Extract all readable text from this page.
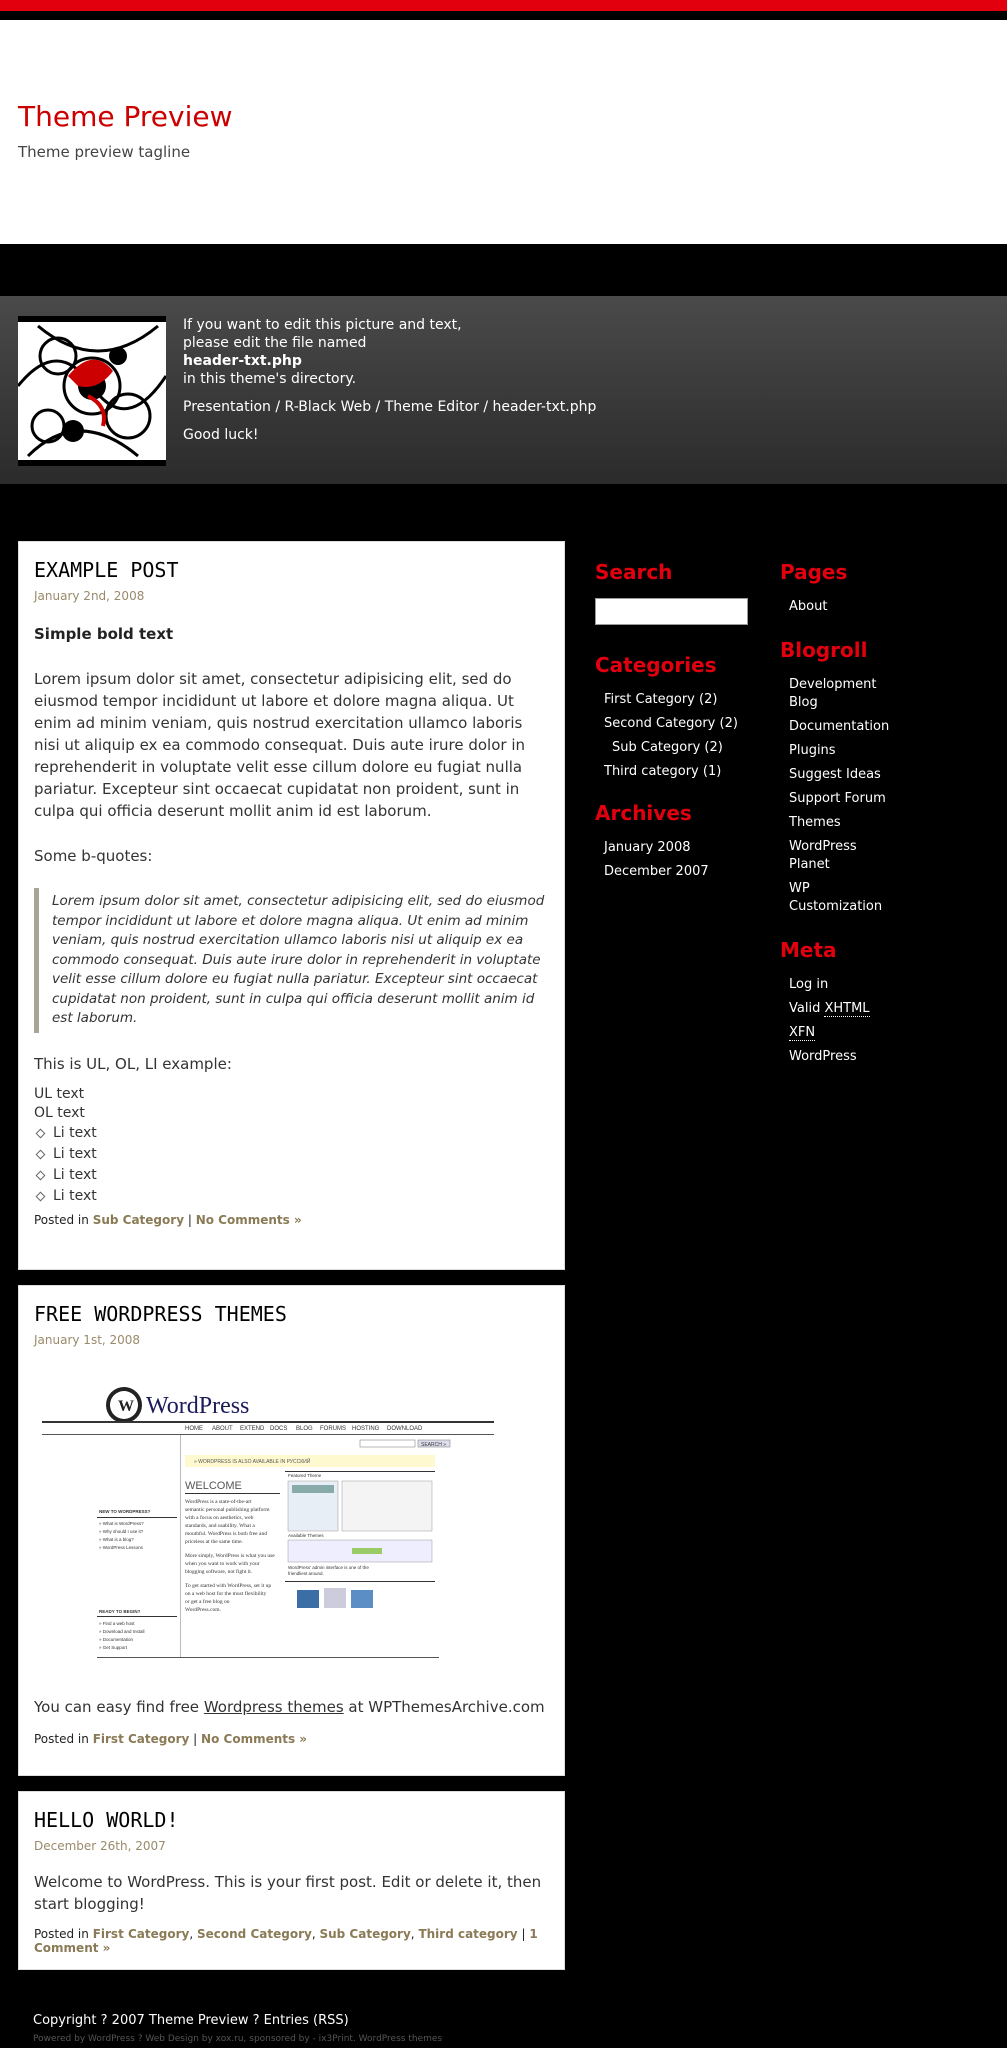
Theme Preview
Theme preview tagline
If you want to edit this picture and text,
please edit the file named
header-txt.php

in this theme's directory.

Presentation / R-Black Web / Theme Editor / header-txt.php

Good luck!

EXAMPLE POST
January 2nd, 2008
Simple bold text
Lorem ipsum dolor sit amet, consectetur adipisicing elit, sed do eiusmod tempor incididunt ut labore et dolore magna aliqua. Ut enim ad minim veniam, quis nostrud exercitation ullamco laboris nisi ut aliquip ex ea commodo consequat. Duis aute irure dolor in reprehenderit in voluptate velit esse cillum dolore eu fugiat nulla pariatur. Excepteur sint occaecat cupidatat non proident, sunt in culpa qui officia deserunt mollit anim id est laborum.
Some b-quotes:
Lorem ipsum dolor sit amet, consectetur adipisicing elit, sed do eiusmod tempor incididunt ut labore et dolore magna aliqua. Ut enim ad minim veniam, quis nostrud exercitation ullamco laboris nisi ut aliquip ex ea commodo consequat. Duis aute irure dolor in reprehenderit in voluptate velit esse cillum dolore eu fugiat nulla pariatur. Excepteur sint occaecat cupidatat non proident, sunt in culpa qui officia deserunt mollit anim id est laborum.
This is UL, OL, LI example:
UL text
OL text
Li text
Li text
Li text
Li text
Posted in Sub Category | No Comments »
FREE WORDPRESS THEMES
January 1st, 2008
W WordPress
HOME ABOUT EXTEND DOCS BLOG FORUMS HOSTING DOWNLOAD
SEARCH »
» WORDPRESS IS ALSO AVAILABLE IN РУССКИЙ
WELCOME
WordPress is a state-of-the-art
semantic personal publishing platform
with a focus on aesthetics, web
standards, and usability. What a
mouthful. WordPress is both free and
priceless at the same time.
More simply, WordPress is what you use
when you want to work with your
blogging software, not fight it.
To get started with WordPress, set it up
on a web host for the most flexibility
or get a free blog on
WordPress.com.
Featured Theme
Available Themes
WordPress' admin interface is one of the
friendliest around.
NEW TO WORDPRESS?
» What is WordPress?
» Why should I use it?
» What is a blog?
» WordPress Lessons
READY TO BEGIN?
» Find a web host
» Download and Install
» Documentation
» Get Support
You can easy find free Wordpress themes at WPThemesArchive.com
Posted in First Category | No Comments »
HELLO WORLD!
December 26th, 2007
Welcome to WordPress. This is your first post. Edit or delete it, then start blogging!
Posted in First Category, Second Category, Sub Category, Third category | 1 Comment »
Search
Categories
First Category (2)
Second Category (2)
Sub Category (2)
Third category (1)
Archives
January 2008
December 2007
Pages
About
Blogroll
Development Blog
Documentation
Plugins
Suggest Ideas
Support Forum
Themes
WordPress Planet
WP Customization
Meta
Log in
Valid XHTML
XFN
WordPress
Copyright ? 2007 Theme Preview ? Entries (RSS)
Powered by WordPress ? Web Design by xox.ru, sponsored by - ix3Print. WordPress themes
